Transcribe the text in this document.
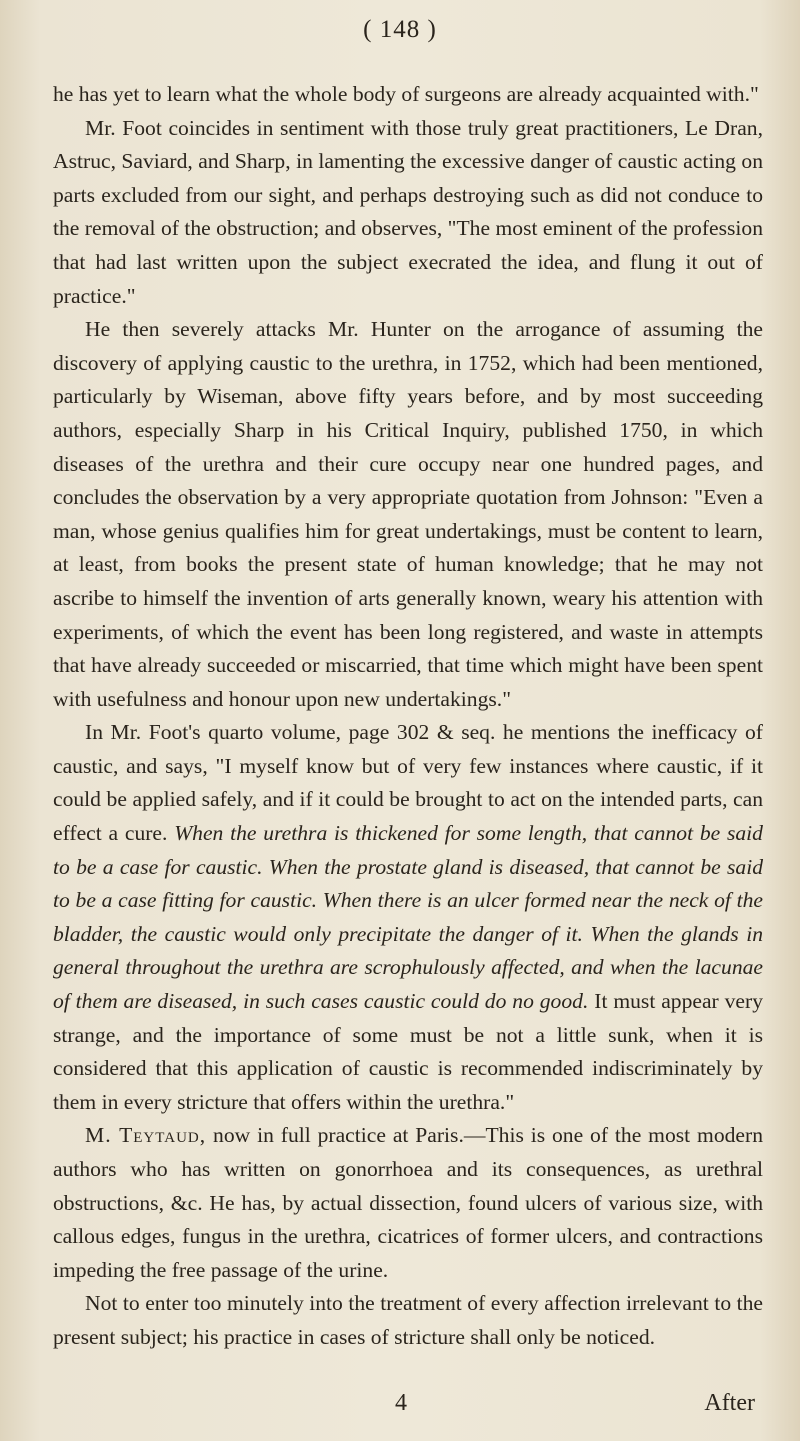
( 148 )

he has yet to learn what the whole body of surgeons are already acquainted with."

Mr. Foot coincides in sentiment with those truly great practitioners, Le Dran, Astruc, Saviard, and Sharp, in lamenting the excessive danger of caustic acting on parts excluded from our sight, and perhaps destroying such as did not conduce to the removal of the obstruction; and observes, "The most eminent of the profession that had last written upon the subject execrated the idea, and flung it out of practice."

He then severely attacks Mr. Hunter on the arrogance of assuming the discovery of applying caustic to the urethra, in 1752, which had been mentioned, particularly by Wiseman, above fifty years before, and by most succeeding authors, especially Sharp in his Critical Inquiry, published 1750, in which diseases of the urethra and their cure occupy near one hundred pages, and concludes the observation by a very appropriate quotation from Johnson: "Even a man, whose genius qualifies him for great undertakings, must be content to learn, at least, from books the present state of human knowledge; that he may not ascribe to himself the invention of arts generally known, weary his attention with experiments, of which the event has been long registered, and waste in attempts that have already succeeded or miscarried, that time which might have been spent with usefulness and honour upon new undertakings."

In Mr. Foot's quarto volume, page 302 & seq. he mentions the inefficacy of caustic, and says, "I myself know but of very few instances where caustic, if it could be applied safely, and if it could be brought to act on the intended parts, can effect a cure. When the urethra is thickened for some length, that cannot be said to be a case for caustic. When the prostate gland is diseased, that cannot be said to be a case fitting for caustic. When there is an ulcer formed near the neck of the bladder, the caustic would only precipitate the danger of it. When the glands in general throughout the urethra are scrophulously affected, and when the lacunae of them are diseased, in such cases caustic could do no good. It must appear very strange, and the importance of some must be not a little sunk, when it is considered that this application of caustic is recommended indiscriminately by them in every stricture that offers within the urethra."

M. Teytaud, now in full practice at Paris.—This is one of the most modern authors who has written on gonorrhoea and its consequences, as urethral obstructions, &c. He has, by actual dissection, found ulcers of various size, with callous edges, fungus in the urethra, cicatrices of former ulcers, and contractions impeding the free passage of the urine.

Not to enter too minutely into the treatment of every affection irrelevant to the present subject; his practice in cases of stricture shall only be noticed.

4	After
